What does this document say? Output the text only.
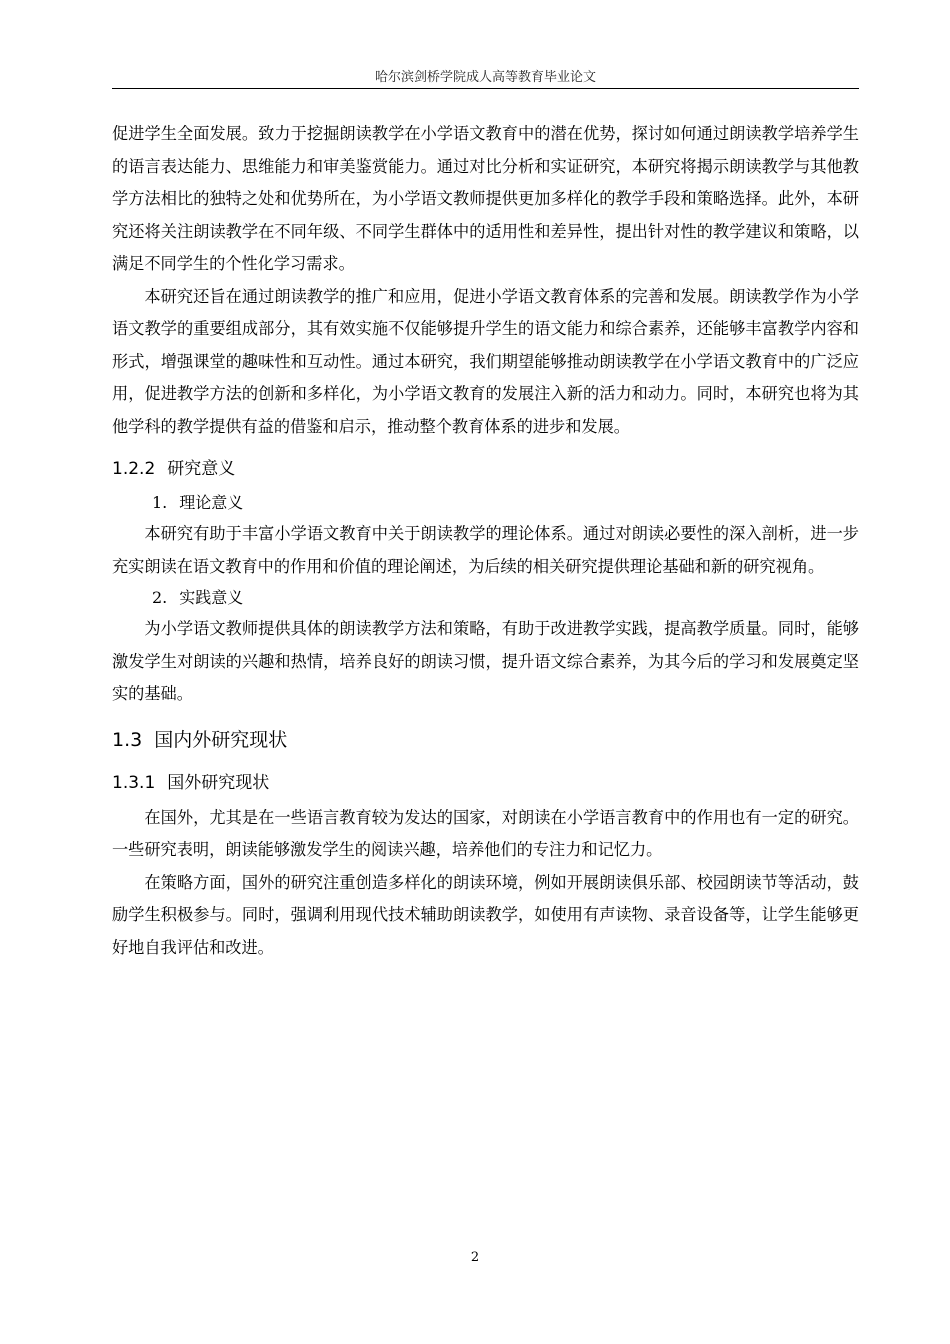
哈尔滨剑桥学院成人高等教育毕业论文

促进学生全面发展。致力于挖掘朗读教学在小学语文教育中的潜在优势，探讨如何通过朗读教学培养学生的语言表达能力、思维能力和审美鉴赏能力。通过对比分析和实证研究，本研究将揭示朗读教学与其他教学方法相比的独特之处和优势所在，为小学语文教师提供更加多样化的教学手段和策略选择。此外，本研究还将关注朗读教学在不同年级、不同学生群体中的适用性和差异性，提出针对性的教学建议和策略，以满足不同学生的个性化学习需求。

本研究还旨在通过朗读教学的推广和应用，促进小学语文教育体系的完善和发展。朗读教学作为小学语文教学的重要组成部分，其有效实施不仅能够提升学生的语文能力和综合素养，还能够丰富教学内容和形式，增强课堂的趣味性和互动性。通过本研究，我们期望能够推动朗读教学在小学语文教育中的广泛应用，促进教学方法的创新和多样化，为小学语文教育的发展注入新的活力和动力。同时，本研究也将为其他学科的教学提供有益的借鉴和启示，推动整个教育体系的进步和发展。

1.2.2 研究意义
1. 理论意义

本研究有助于丰富小学语文教育中关于朗读教学的理论体系。通过对朗读必要性的深入剖析，进一步充实朗读在语文教育中的作用和价值的理论阐述，为后续的相关研究提供理论基础和新的研究视角。

2. 实践意义

为小学语文教师提供具体的朗读教学方法和策略，有助于改进教学实践，提高教学质量。同时，能够激发学生对朗读的兴趣和热情，培养良好的朗读习惯，提升语文综合素养，为其今后的学习和发展奠定坚实的基础。

1.3 国内外研究现状
1.3.1 国外研究现状

在国外，尤其是在一些语言教育较为发达的国家，对朗读在小学语言教育中的作用也有一定的研究。一些研究表明，朗读能够激发学生的阅读兴趣，培养他们的专注力和记忆力。

在策略方面，国外的研究注重创造多样化的朗读环境，例如开展朗读俱乐部、校园朗读节等活动，鼓励学生积极参与。同时，强调利用现代技术辅助朗读教学，如使用有声读物、录音设备等，让学生能够更好地自我评估和改进。

2
